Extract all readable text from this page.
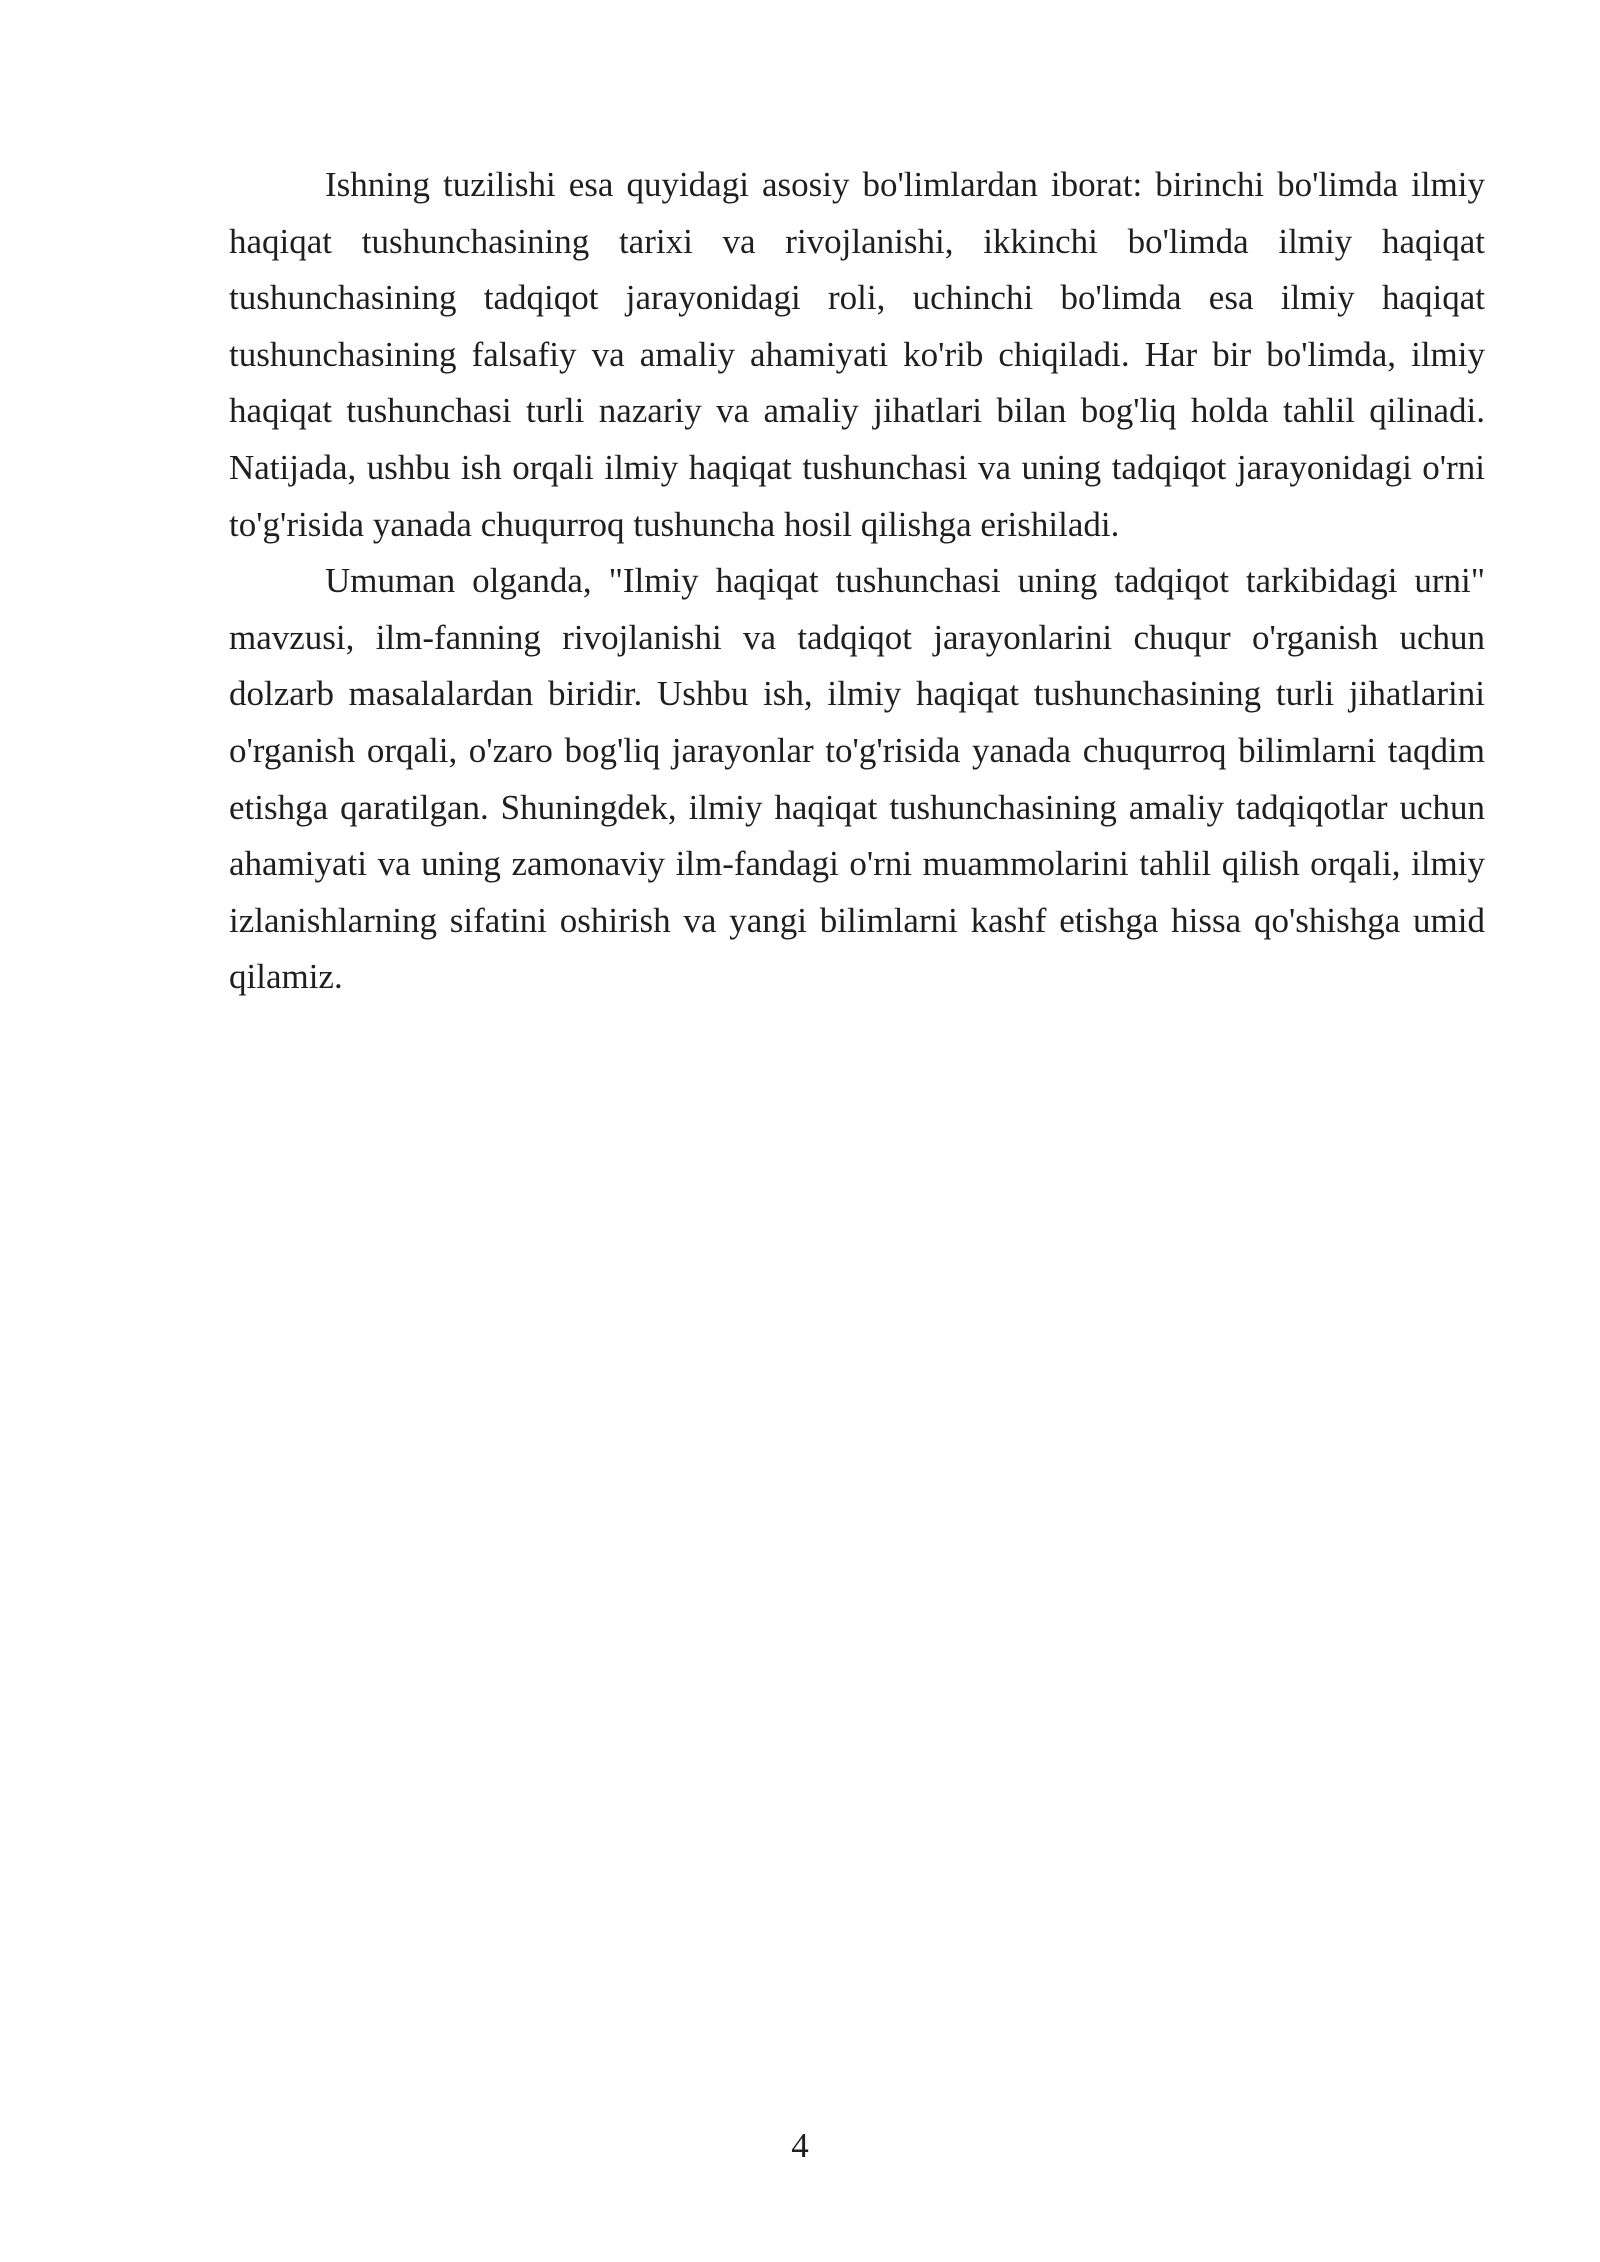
Ishning tuzilishi esa quyidagi asosiy bo'limlardan iborat: birinchi bo'limda ilmiy haqiqat tushunchasining tarixi va rivojlanishi, ikkinchi bo'limda ilmiy haqiqat tushunchasining tadqiqot jarayonidagi roli, uchinchi bo'limda esa ilmiy haqiqat tushunchasining falsafiy va amaliy ahamiyati ko'rib chiqiladi. Har bir bo'limda, ilmiy haqiqat tushunchasi turli nazariy va amaliy jihatlari bilan bog'liq holda tahlil qilinadi. Natijada, ushbu ish orqali ilmiy haqiqat tushunchasi va uning tadqiqot jarayonidagi o'rni to'g'risida yanada chuqurroq tushuncha hosil qilishga erishiladi.

Umuman olganda, "Ilmiy haqiqat tushunchasi uning tadqiqot tarkibidagi urni" mavzusi, ilm-fanning rivojlanishi va tadqiqot jarayonlarini chuqur o'rganish uchun dolzarb masalalardan biridir. Ushbu ish, ilmiy haqiqat tushunchasining turli jihatlarini o'rganish orqali, o'zaro bog'liq jarayonlar to'g'risida yanada chuqurroq bilimlarni taqdim etishga qaratilgan. Shuningdek, ilmiy haqiqat tushunchasining amaliy tadqiqotlar uchun ahamiyati va uning zamonaviy ilm-fandagi o'rni muammolarini tahlil qilish orqali, ilmiy izlanishlarning sifatini oshirish va yangi bilimlarni kashf etishga hissa qo'shishga umid qilamiz.

4
